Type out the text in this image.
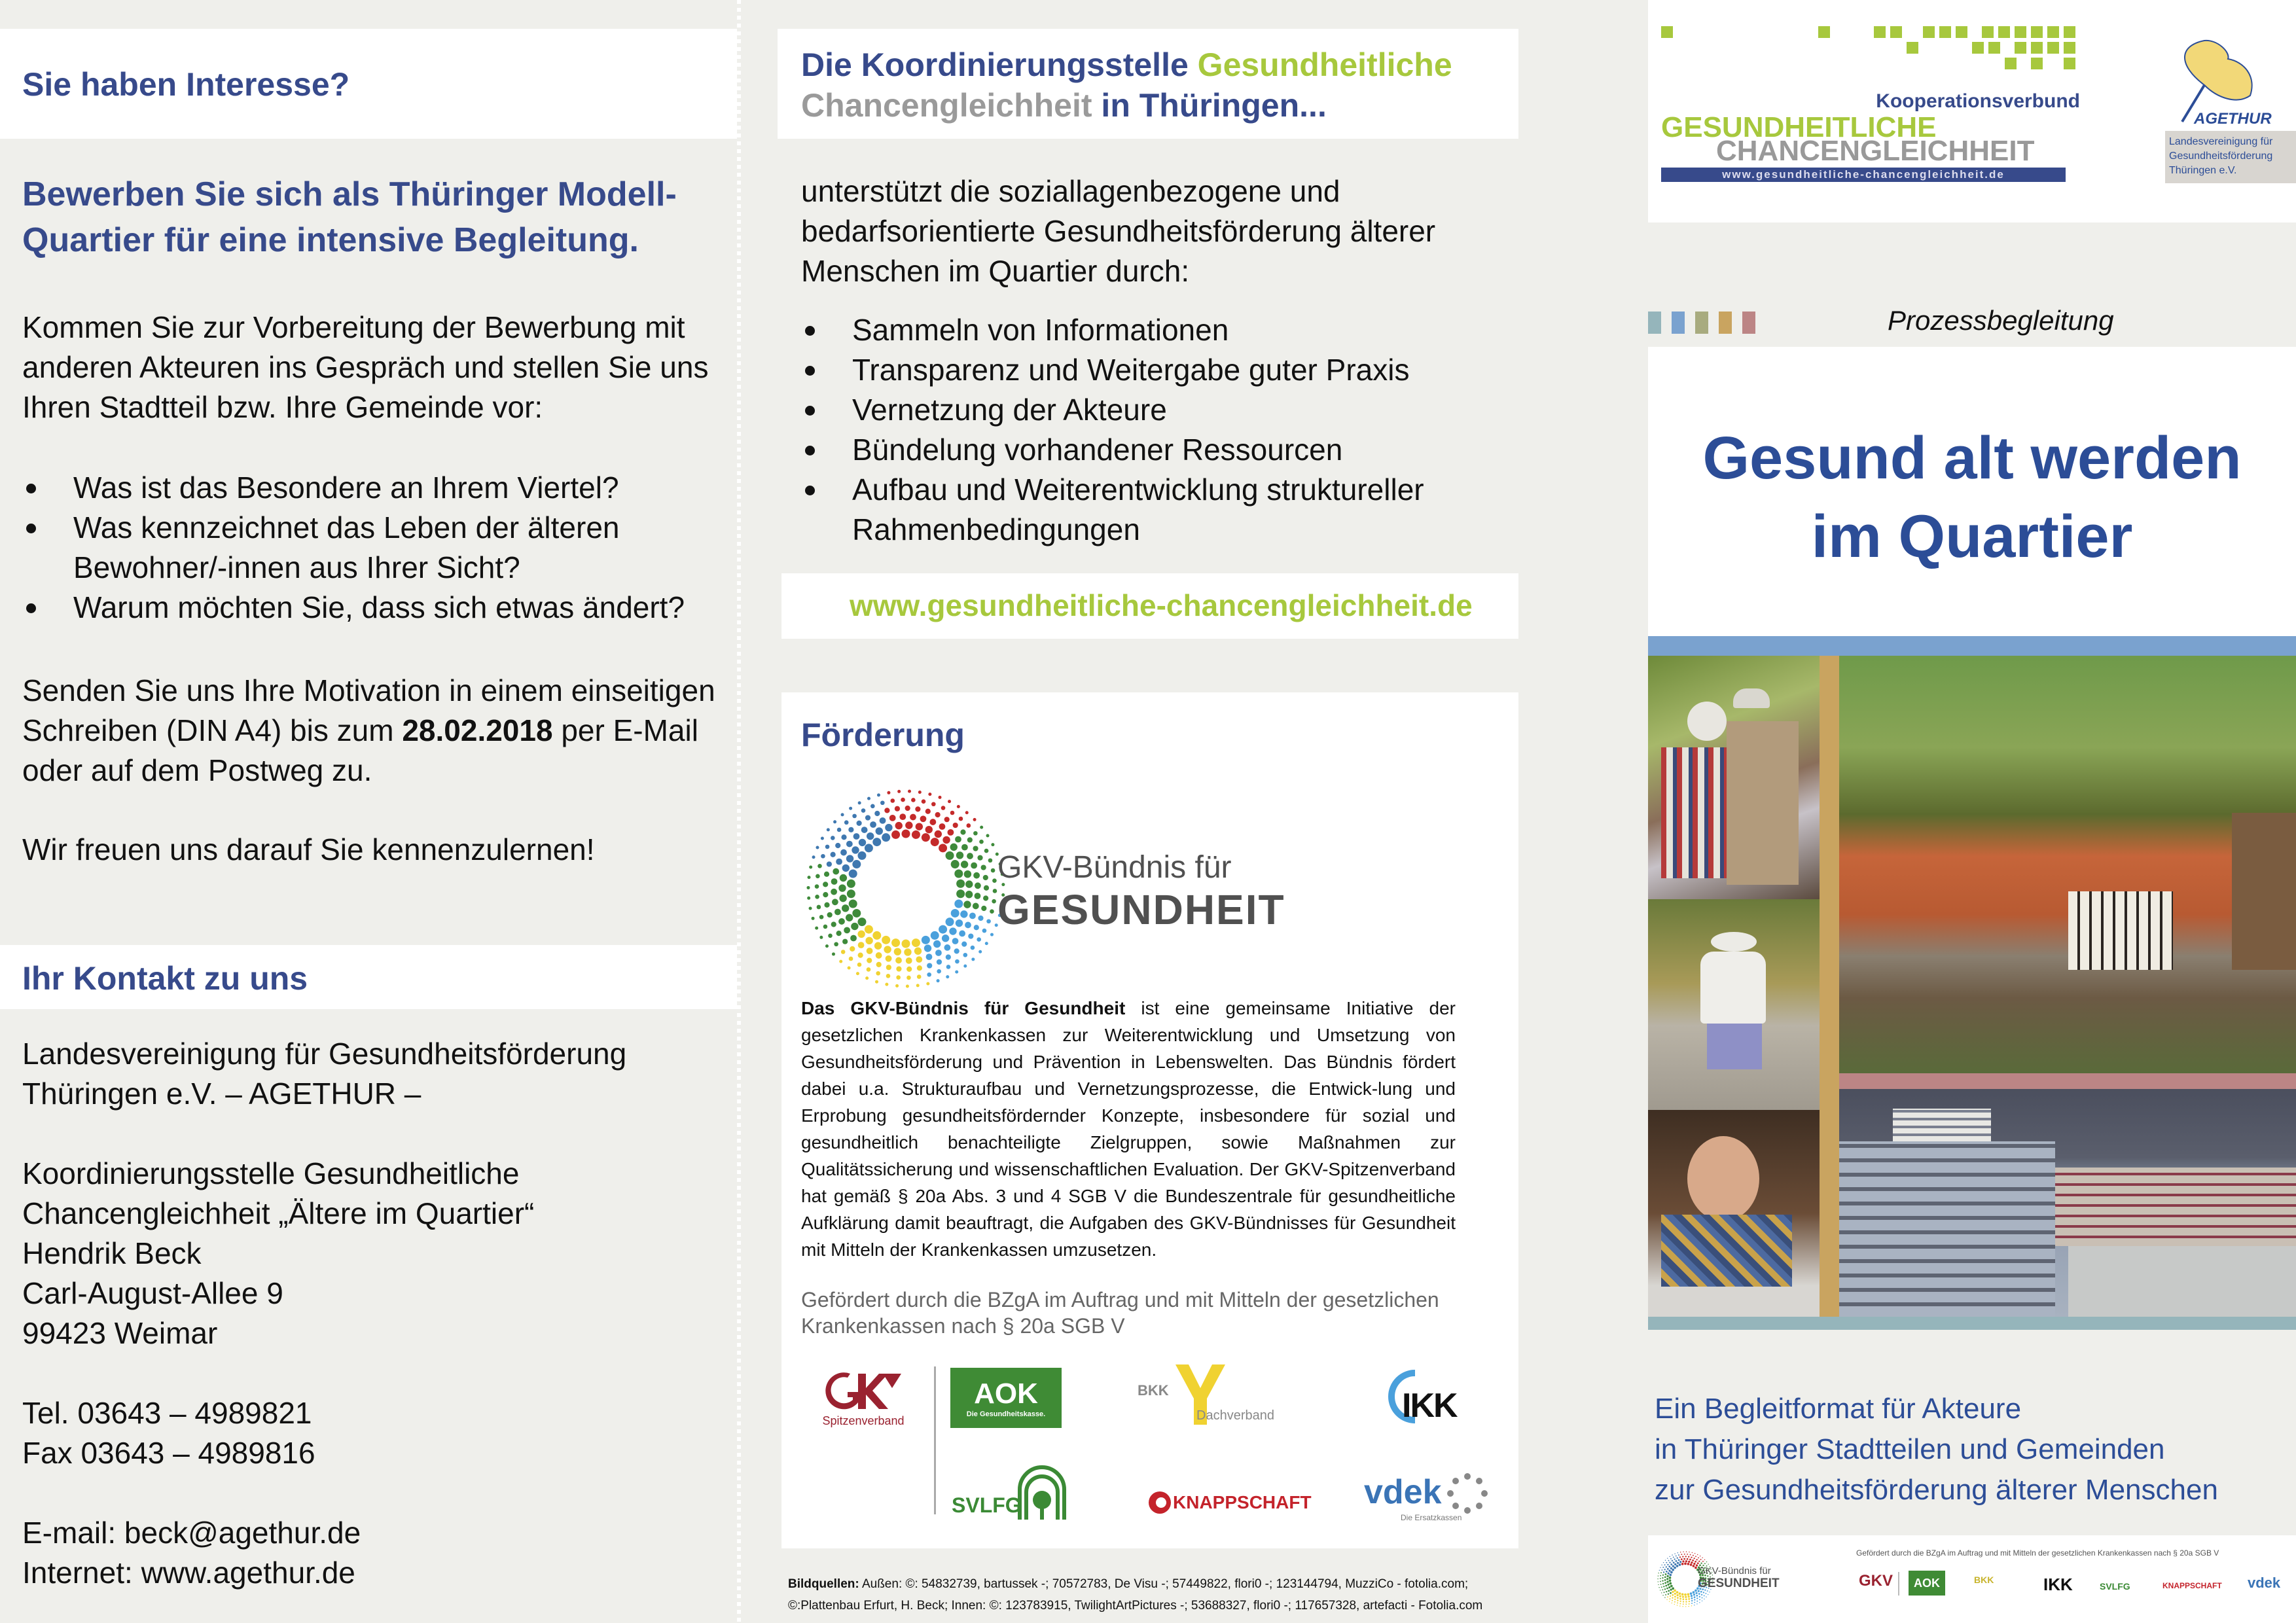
Sie haben Interesse?
Bewerben Sie sich als Thüringer Modell-Quartier für eine intensive Begleitung.

Kommen Sie zur Vorbereitung der Bewerbung mit anderen Akteuren ins Gespräch und stellen Sie uns Ihren Stadtteil bzw. Ihre Gemeinde vor:

Was ist das Besondere an Ihrem Viertel?
Was kennzeichnet das Leben der älteren Bewohner/-innen aus Ihrer Sicht?
Warum möchten Sie, dass sich etwas ändert?

Senden Sie uns Ihre Motivation in einem einseitigen Schreiben (DIN A4) bis zum 28.02.2018 per E-Mail oder auf dem Postweg zu.

Wir freuen uns darauf Sie kennenzulernen!

Ihr Kontakt zu uns
Landesvereinigung für Gesundheitsförderung
Thüringen e.V. – AGETHUR –
Koordinierungsstelle Gesundheitliche
Chancengleichheit „Ältere im Quartier“
Hendrik Beck
Carl-August-Allee 9
99423 Weimar
Tel. 03643 – 4989821
Fax 03643 – 4989816
E-mail: beck@agethur.de
Internet: www.agethur.de
Die Koordinierungsstelle Gesundheitliche
Chancengleichheit in Thüringen...

unterstützt die soziallagenbezogene und bedarfsorientierte Gesundheitsförderung älterer Menschen im Quartier durch:

Sammeln von Informationen
Transparenz und Weitergabe guter Praxis
Vernetzung der Akteure
Bündelung vorhandener Ressourcen
Aufbau und Weiterentwicklung struktureller Rahmenbedingungen
www.gesundheitliche-chancengleichheit.de
Förderung
GKV-Bündnis für
GESUNDHEIT

Das GKV-Bündnis für Gesundheit ist eine gemeinsame Initiative der gesetzlichen Krankenkassen zur Weiterentwicklung und Umsetzung von Gesundheitsförderung und Prävention in Lebenswelten. Das Bündnis fördert dabei u.a. Strukturaufbau und Vernetzungsprozesse, die Entwick-lung und Erprobung gesundheitsfördernder Konzepte, insbesondere für sozial und gesundheitlich benachteiligte Zielgruppen, sowie Maßnahmen zur Qualitätssicherung und wissenschaftlichen Evaluation. Der GKV-Spitzenverband hat gemäß § 20a Abs. 3 und 4 SGB V die Bundeszentrale für gesundheitliche Aufklärung damit beauftragt, die Aufgaben des GKV-Bündnisses für Gesundheit mit Mitteln der Krankenkassen umzusetzen.

Gefördert durch die BZgA im Auftrag und mit Mitteln der gesetzlichen Krankenkassen nach § 20a SGB V

Spitzenverband
AOK
Die Gesundheitskasse.
BKK
Dachverband	IKK
SVLFG	KNAPPSCHAFT vdek
Die Ersatzkassen
Bildquellen: Außen: ©: 54832739, bartussek -; 70572783, De Visu -; 57449822, flori0 -; 123144794, MuzziCo - fotolia.com;
©:Plattenbau Erfurt, H. Beck; Innen: ©: 123783915, TwilightArtPictures -; 53688327, flori0 -; 117657328, artefacti - Fotolia.com
Kooperationsverbund
GESUNDHEITLICHE
CHANCENGLEICHHEIT
www.gesundheitliche-chancengleichheit.de
AGETHUR
Landesvereinigung für
Gesundheitsförderung
Thüringen e.V.
Prozessbegleitung
Gesund alt werden
im Quartier
Ein Begleitformat für Akteure
in Thüringer Stadtteilen und Gemeinden
zur Gesundheitsförderung älterer Menschen
GKV-Bündnis für
GESUNDHEIT
Gefördert durch die BZgA im Auftrag und mit Mitteln der gesetzlichen Krankenkassen nach § 20a SGB V
GKV	AOK	BKK	IKK	SVLFG	KNAPPSCHAFT vdek
